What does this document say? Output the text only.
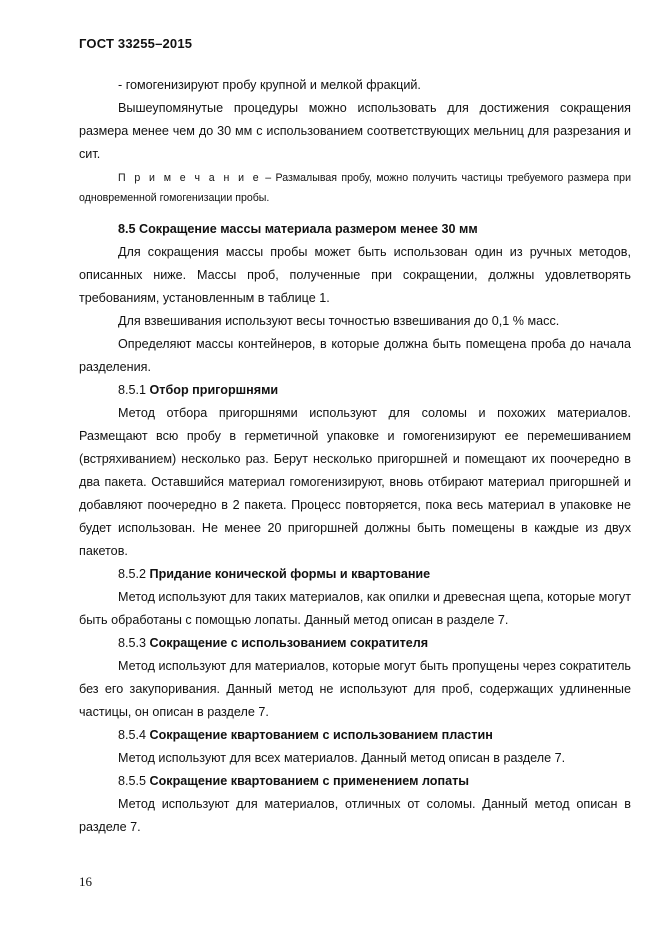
ГОСТ 33255–2015

- гомогенизируют пробу крупной и мелкой фракций.

Вышеупомянутые процедуры можно использовать для достижения сокращения размера менее чем до 30 мм с использованием соответствующих мельниц для разрезания и сит.

П р и м е ч а н и е – Размалывая пробу, можно получить частицы требуемого размера при одновременной гомогенизации пробы.

8.5 Сокращение массы материала размером менее 30 мм

Для сокращения массы пробы может быть использован один из ручных методов, описанных ниже. Массы проб, полученные при сокращении, должны удовлетворять требованиям, установленным в таблице 1.

Для взвешивания используют весы точностью взвешивания до 0,1 % масс.

Определяют массы контейнеров, в которые должна быть помещена проба до начала разделения.

8.5.1 Отбор пригоршнями

Метод отбора пригоршнями используют для соломы и похожих материалов. Размещают всю пробу в герметичной упаковке и гомогенизируют ее перемешиванием (встряхиванием) несколько раз. Берут несколько пригоршней и помещают их поочередно в два пакета. Оставшийся материал гомогенизируют, вновь отбирают материал пригоршней и добавляют поочередно в 2 пакета. Процесс повторяется, пока весь материал в упаковке не будет использован. Не менее 20 пригоршней должны быть помещены в каждые из двух пакетов.

8.5.2 Придание конической формы и квартование

Метод используют для таких материалов, как опилки и древесная щепа, которые могут быть обработаны с помощью лопаты. Данный метод описан в разделе 7.

8.5.3 Сокращение с использованием сократителя

Метод используют для материалов, которые могут быть пропущены через сократитель без его закупоривания. Данный метод не используют для проб, содержащих удлиненные частицы, он описан в разделе 7.

8.5.4 Сокращение квартованием с использованием пластин

Метод используют для всех материалов. Данный метод описан в разделе 7.

8.5.5 Сокращение квартованием с применением лопаты

Метод используют для материалов, отличных от соломы. Данный метод описан в разделе 7.

16
